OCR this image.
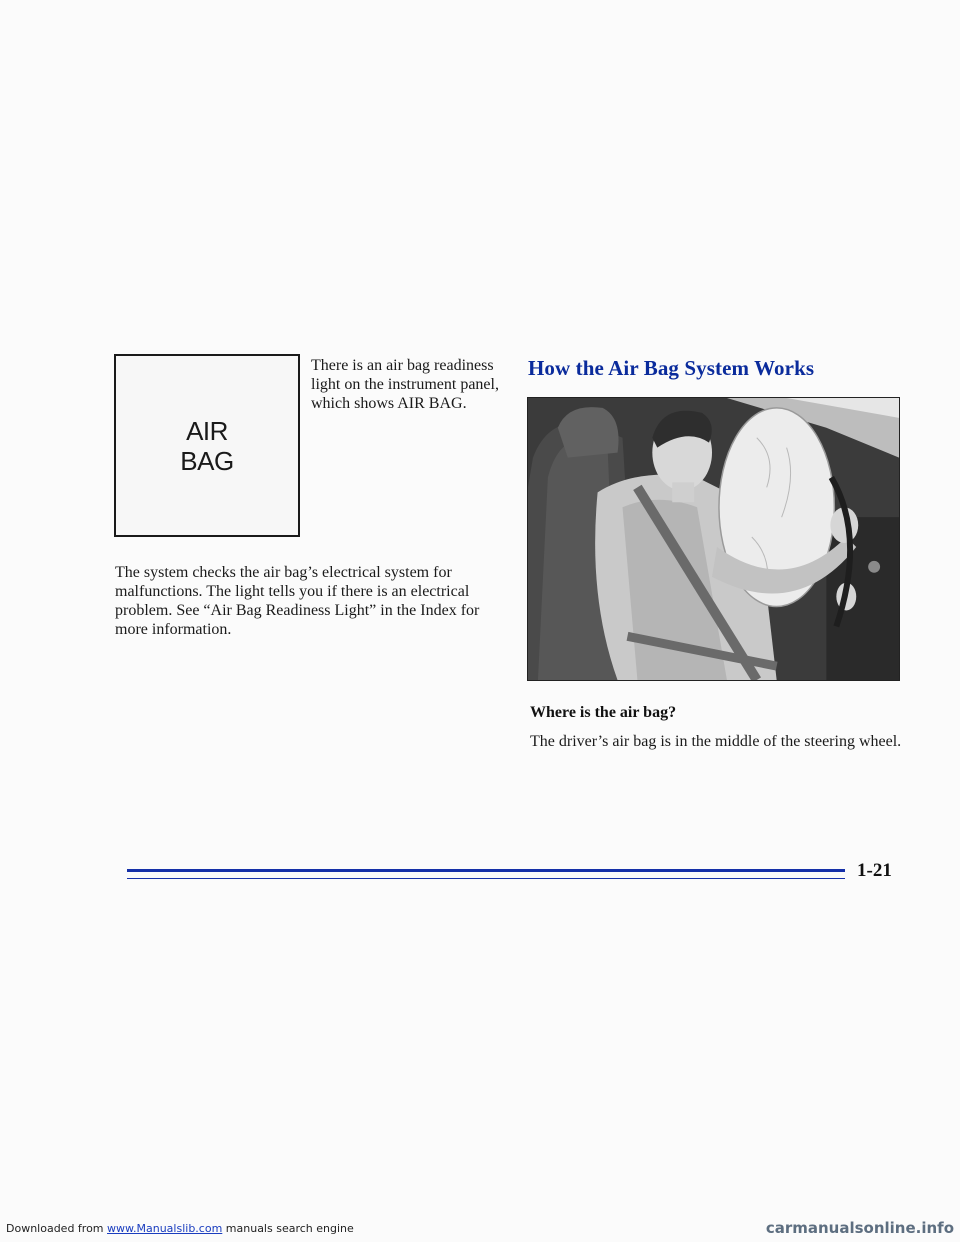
AIR
BAG

There is an air bag readiness light on the instrument panel, which shows AIR BAG.

The system checks the air bag’s electrical system for malfunctions. The light tells you if there is an electrical problem. See “Air Bag Readiness Light” in the Index for more information.

How the Air Bag System Works

Where is the air bag?

The driver’s air bag is in the middle of the steering wheel.

1-21

Downloaded from www.Manualslib.com manuals search engine	carmanualsonline.info
